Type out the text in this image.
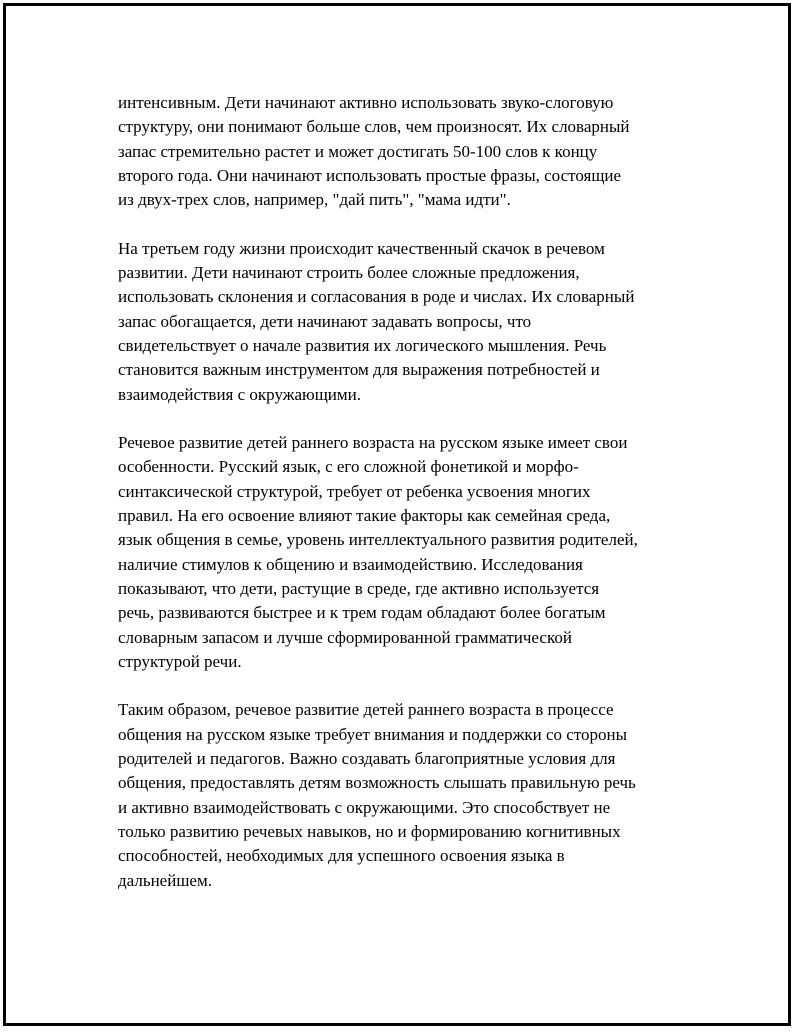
интенсивным. Дети начинают активно использовать звуко-слоговую
структуру, они понимают больше слов, чем произносят. Их словарный
запас стремительно растет и может достигать 50-100 слов к концу
второго года. Они начинают использовать простые фразы, состоящие
из двух-трех слов, например, "дай пить", "мама идти".

На третьем году жизни происходит качественный скачок в речевом
развитии. Дети начинают строить более сложные предложения,
использовать склонения и согласования в роде и числах. Их словарный
запас обогащается, дети начинают задавать вопросы, что
свидетельствует о начале развития их логического мышления. Речь
становится важным инструментом для выражения потребностей и
взаимодействия с окружающими.

Речевое развитие детей раннего возраста на русском языке имеет свои
особенности. Русский язык, с его сложной фонетикой и морфо-
синтаксической структурой, требует от ребенка усвоения многих
правил. На его освоение влияют такие факторы как семейная среда,
язык общения в семье, уровень интеллектуального развития родителей,
наличие стимулов к общению и взаимодействию. Исследования
показывают, что дети, растущие в среде, где активно используется
речь, развиваются быстрее и к трем годам обладают более богатым
словарным запасом и лучше сформированной грамматической
структурой речи.

Таким образом, речевое развитие детей раннего возраста в процессе
общения на русском языке требует внимания и поддержки со стороны
родителей и педагогов. Важно создавать благоприятные условия для
общения, предоставлять детям возможность слышать правильную речь
и активно взаимодействовать с окружающими. Это способствует не
только развитию речевых навыков, но и формированию когнитивных
способностей, необходимых для успешного освоения языка в
дальнейшем.
